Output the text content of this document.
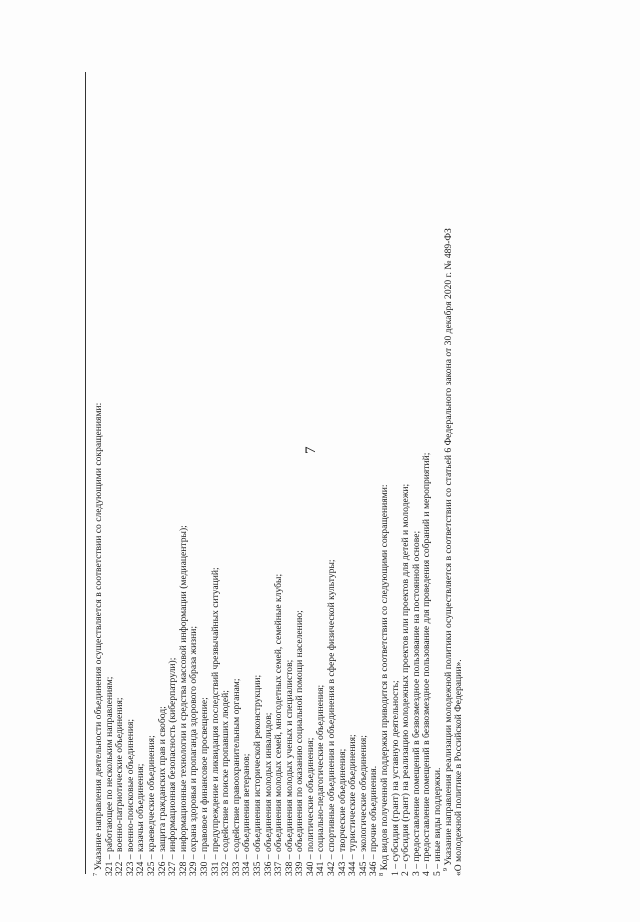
7
$^7$ Указание направления деятельности объединения осуществляется в соответствии со следующими сокращениями: 321 – работающее по нескольким направлениям; 322 – военно-патриотические объединения; 323 – военно-поисковые объединения; 324 – казачьи объединения; 325 – краеведческие объединения; 326 – защита гражданских прав и свобод; 327 – информационная безопасность (киберпатрули); 328 – информационные технологии и средства массовой информации (медиацентры); 329 – охрана здоровья и пропаганда здорового образа жизни; 330 – правовое и финансовое просвещение; 331 – предупреждение и ликвидация последствий чрезвычайных ситуаций; 332 – содействие в поиске пропавших людей; 333 – содействие правоохранительным органам; 334 – объединения ветеранов; 335 – объединения исторической реконструкции; 336 – объединения молодых инвалидов; 337 – объединения молодых семей, многодетных семей, семейные клубы; 338 – объединения молодых ученых и специалистов; 339 – объединения по оказанию социальной помощи населению; 340 – политические объединения; 341 – социально-педагогические объединения; 342 – спортивные объединения и объединения в сфере физической культуры; 343 – творческие объединения; 344 – туристические объединения; 345 – экологические объединения; 346 – прочие объединения.
$^8$ Код видов полученной поддержки приводится в соответствии со следующими сокращениями: 1 – субсидия (грант) на уставную деятельность; 2 – субсидия (грант) на реализацию молодежных проектов или проектов для детей и молодежи; 3 – предоставление помещений в безвозмездное пользование на постоянной основе; 4 – предоставление помещений в безвозмездное пользование для проведения собраний и мероприятий; 5 – иные виды поддержки.
$^9$ Указание направления реализации молодежной политики осуществляется в соответствии со статьей 6 Федерального закона от 30 декабря 2020 г. № 489-ФЗ «О молодежной политике в Российской Федерации».
